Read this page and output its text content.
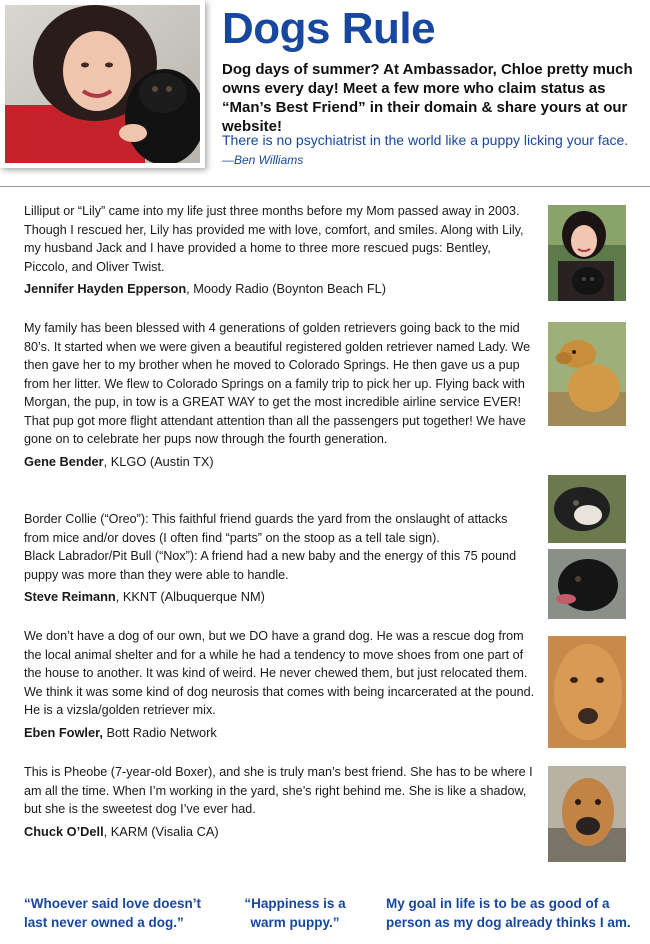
Dogs Rule

Dog days of summer? At Ambassador, Chloe pretty much owns every day! Meet a few more who claim status as “Man’s Best Friend” in their domain & share yours at our website!

There is no psychiatrist in the world like a puppy licking your face.  —Ben Williams

Lilliput or “Lily” came into my life just three months before my Mom passed away in 2003. Though I rescued her, Lily has provided me with love, comfort, and smiles. Along with Lily, my husband Jack and I have provided a home to three more rescued pugs: Bentley, Piccolo, and Oliver Twist.

Jennifer Hayden Epperson, Moody Radio (Boynton Beach FL)

My family has been blessed with 4 generations of golden retrievers going back to the mid 80’s. It started when we were given a beautiful registered golden retriever named Lady. We then gave her to my brother when he moved to Colorado Springs. He then gave us a pup from her litter. We flew to Colorado Springs on a family trip to pick her up. Flying back with Morgan, the pup, in tow is a GREAT WAY to get the most incredible airline service EVER! That pup got more flight attendant attention than all the passengers put together! We have gone on to celebrate her pups now through the fourth generation.

Gene Bender, KLGO (Austin TX)

Border Collie (“Oreo”): This faithful friend guards the yard from the onslaught of attacks from mice and/or doves (I often find “parts” on the stoop as a tell tale sign).

Black Labrador/Pit Bull (“Nox”): A friend had a new baby and the energy of this 75 pound puppy was more than they were able to handle.

Steve Reimann, KKNT (Albuquerque NM)

We don’t have a dog of our own, but we DO have a grand dog. He was a rescue dog from the local animal shelter and for a while he had a tendency to move shoes from one part of the house to another. It was kind of weird. He never chewed them, but just relocated them. We think it was some kind of dog neurosis that comes with being incarcerated at the pound. He is a vizsla/golden retriever mix.

Eben Fowler, Bott Radio Network

This is Pheobe (7-year-old Boxer), and she is truly man’s best friend. She has to be where I am all the time. When I’m working in the yard, she’s right behind me. She is like a shadow, but she is the sweetest dog I’ve ever had.

Chuck O’Dell, KARM (Visalia CA)

“Whoever said love doesn’t last never owned a dog.”

“Happiness is a warm puppy.”

My goal in life is to be as good of a person as my dog already thinks I am.
